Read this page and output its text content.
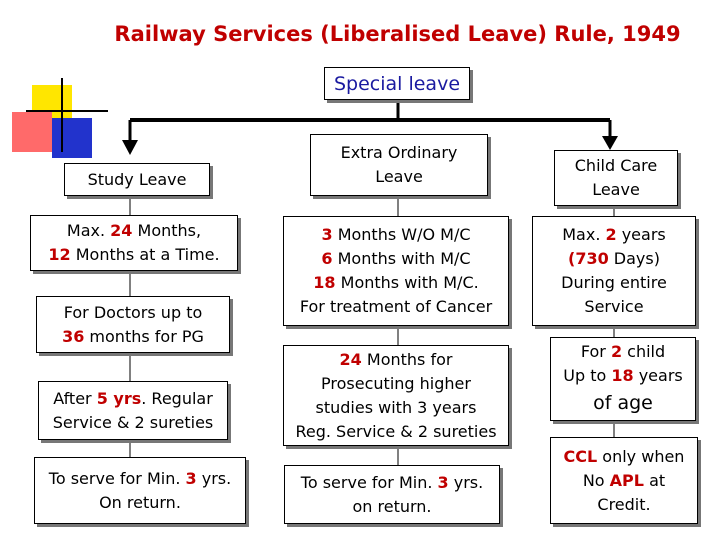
Railway Services (Liberalised Leave) Rule, 1949
Special leave
Study Leave
Max. 24 Months,
12 Months at a Time.
For Doctors up to
36 months for PG
After 5 yrs. Regular
Service & 2 sureties
To serve for Min. 3 yrs.
On return.
Extra Ordinary
Leave
3 Months W/O M/C
6 Months with M/C
18 Months with M/C.
For treatment of Cancer
24 Months for
Prosecuting higher
studies with 3 years
Reg. Service & 2 sureties
To serve for Min. 3 yrs.
on return.
Child Care
Leave
Max. 2 years
(730 Days)
During entire
Service
For 2 child
Up to 18 years
of age
CCL only when
No APL at
Credit.
